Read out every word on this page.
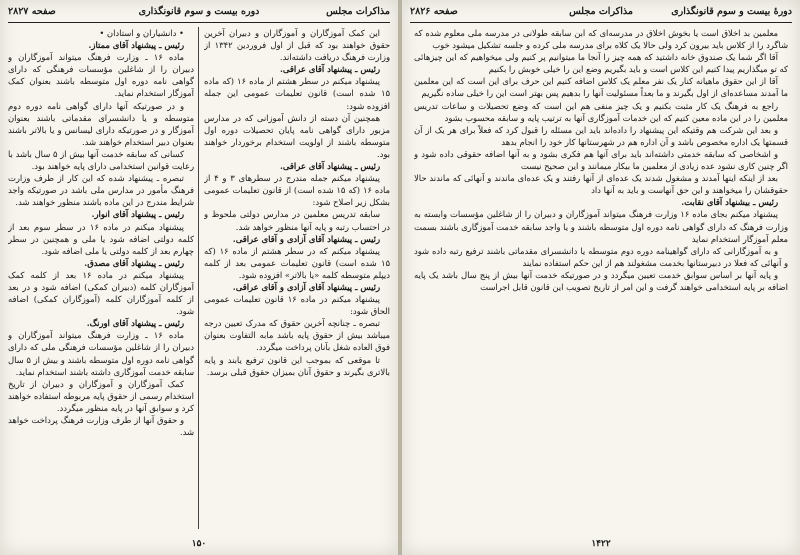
مذاکرات مجلس
دوره بیست و سوم قانونگذاری
صفحه ۲۸۲۷

این کمک آموزگاران و آموزگاران و دبیران آخرین حقوق خواهند بود که قبل از اول فروردین ۱۳۴۲ از وزارت فرهنگ دریافت داشته‌اند.

رئیس ـ پیشنهاد آقای عراقی.

پیشنهاد میکنم در سطر هشتم از ماده ۱۶ (که ماده ۱۵ شده است) قانون تعلیمات عمومی این جمله افزوده شود:

همچنین آن دسته از دانش آموزانی که در مدارس مزبور دارای گواهی نامه پایان تحصیلات دوره اول متوسطه باشند از اولویت استخدام برخوردار خواهند بود.

رئیس ـ پیشنهاد آقای عراقی.

پیشنهاد میکنم جمله مندرج در سطرهای ۳ و ۴ از ماده ۱۶ (که ۱۵ شده است) از قانون تعلیمات عمومی بشکل زیر اصلاح شود:

سابقه تدریس معلمین در مدارس دولتی ملحوظ و در احتساب رتبه و پایه آنها منظور خواهد شد.

رئیس ـ پیشنهاد آقای آزادی و آقای عراقی.

پیشنهاد میکنم که در سطر هشتم از ماده ۱۶ (که ۱۵ شده است) قانون تعلیمات عمومی بعد از کلمه دیپلم متوسطه کلمه «یا بالاتر» افزوده شود.

رئیس ـ پیشنهاد آقای آزادی و آقای عراقی.

پیشنهاد میکنم در ماده ۱۶ قانون تعلیمات عمومی الحاق شود:

تبصره ـ چنانچه آخرین حقوق که مدرک تعیین درجه میباشد بیش از حقوق پایه باشد مابه التفاوت بعنوان فوق العاده شغل بآنان پرداخت میگردد.

تا موقعی که بموجب این قانون ترفیع یابند و پایه بالاتری بگیرند و حقوق آنان بمیزان حقوق قبلی برسد.

• دانشیاران و استادان •

رئیس ـ پیشنهاد آقای ممتاز.

ماده ۱۶ ـ وزارت فرهنگ میتواند آموزگاران و دبیران را از شاغلین مؤسسات فرهنگی که دارای گواهی نامه دوره اول متوسطه باشند بعنوان کمک آموزگار استخدام نماید.

و در صورتیکه آنها دارای گواهی نامه دوره دوم متوسطه و یا دانشسرای مقدماتی باشند بعنوان آموزگار و در صورتیکه دارای لیسانس و یا بالاتر باشند بعنوان دبیر استخدام خواهند شد.

کسانی که سابقه خدمت آنها بیش از ۵ سال باشد با رعایت قوانین استخدامی دارای پایه خواهند بود.

تبصره ـ پیشنهاد شده که این کار از طرف وزارت فرهنگ مأمور در مدارس ملی باشد در صورتیکه واجد شرایط مندرج در این ماده باشند منظور خواهند شد.

رئیس ـ پیشنهاد آقای انوار.

پیشنهاد میکنم در ماده ۱۶ در سطر سوم بعد از کلمه دولتی اضافه شود یا ملی و همچنین در سطر چهارم بعد از کلمه دولتی یا ملی اضافه شود.

رئیس ـ پیشنهاد آقای مصدق.

پیشنهاد میکنم در ماده ۱۶ بعد از کلمه کمک آموزگاران کلمه (دبیران کمکی) اضافه شود و در بعد از کلمه آموزگاران کلمه (آموزگاران کمکی) اضافه شود.

رئیس ـ پیشنهاد آقای اورنگ.

ماده ۱۶ ـ وزارت فرهنگ میتواند آموزگاران و دبیران را از شاغلین مؤسسات فرهنگی ملی که دارای گواهی نامه دوره اول متوسطه باشند و بیش از ۵ سال سابقه خدمت آموزگاری داشته باشند استخدام نماید.

کمک آموزگاران و آموزگاران و دبیران از تاریخ استخدام رسمی از حقوق پایه مربوطه استفاده خواهند کرد و سوابق آنها در پایه منظور میگردد.

و حقوق آنها از طرف وزارت فرهنگ پرداخت خواهد شد.

۱۵۰
دورهٔ بیست و سوم قانونگذاری
مذاکرات مجلس
صفحه ۲۸۲۶

معلمین بد اخلاق است یا بخوش اخلاق در مدرسه‌ای که ابن سابقه طولانی در مدرسه ملی معلوم شده که شاگرد را از کلاس باید بیرون کرد ولی حالا یک کلاه برای مدرسه ملی کرده و جلسه تشکیل میشود خوب

آقا اگر شما یک صندوق خانه داشتید که همه چیز را آنجا ما میتوانیم پر کنیم ولی میخواهیم که این چیزهائی که تو میگذاریم پیدا کنیم این کلاس است و باید بگیریم وضع این را خیلی خوبش را بکنیم

آقا از این حقوق ماهیانه کنار یک نفر معلم یک کلاس اضافه کنیم این حرف برای این است که این معلمین ما آمدند مساعده‌ای از اول بگیرند و ما بعداً مسئولیت آنها را بدهیم پس بهتر است این را خیلی ساده نگیریم

راجع به فرهنگ یک کار مثبت بکنیم و یک چیز منفی هم این است که وضع تحصیلات و ساعات تدریس معلمین را در این ماده معین کنیم که این خدمات آموزگاری آنها به ترتیب پایه و سابقه محسوب بشود

و بعد این شرکت هم وقتیکه این پیشنهاد را داده‌اند باید این مسئله را قبول کرد که فعلاً برای هر یک از آن قسمتها یک اداره مخصوص باشد و آن اداره هم در شهرستانها کار خود را انجام بدهد

و اشخاصی که سابقه خدمتی داشته‌اند باید برای آنها هم فکری بشود و به آنها اضافه حقوقی داده شود و اگر چنین کاری نشود عده زیادی از معلمین ما بیکار میمانند و این صحیح نیست

بعد از اینکه اینها آمدند و مشغول شدند یک عده‌ای از آنها رفتند و یک عده‌ای ماندند و آنهائی که ماندند حالا حقوقشان را میخواهند و این حق آنهاست و باید به آنها داد

رئیس ـ بیشنهاد آقای نقابت.

پیشنهاد میکنم بجای ماده ۱۶ وزارت فرهنگ میتواند آموزگاران و دبیران را از شاغلین مؤسسات وابسته به وزارت فرهنگ که دارای گواهی نامه دوره اول متوسطه باشند و یا واجد سابقه خدمت آموزگاری باشند بسمت معلم آموزگار استخدام نماید

و به آموزگارانی که دارای گواهینامه دوره دوم متوسطه یا دانشسرای مقدماتی باشند ترفیع رتبه داده شود و آنهائی که فعلا در دبیرستانها بخدمت مشغولند هم از این حکم استفاده نمایند

و پایه آنها بر اساس سوابق خدمت تعیین میگردد و در صورتیکه خدمت آنها بیش از پنج سال باشد یک پایه اضافه بر پایه استخدامی خواهند گرفت و این امر از تاریخ تصویب این قانون قابل اجراست

۱۴۲۲
